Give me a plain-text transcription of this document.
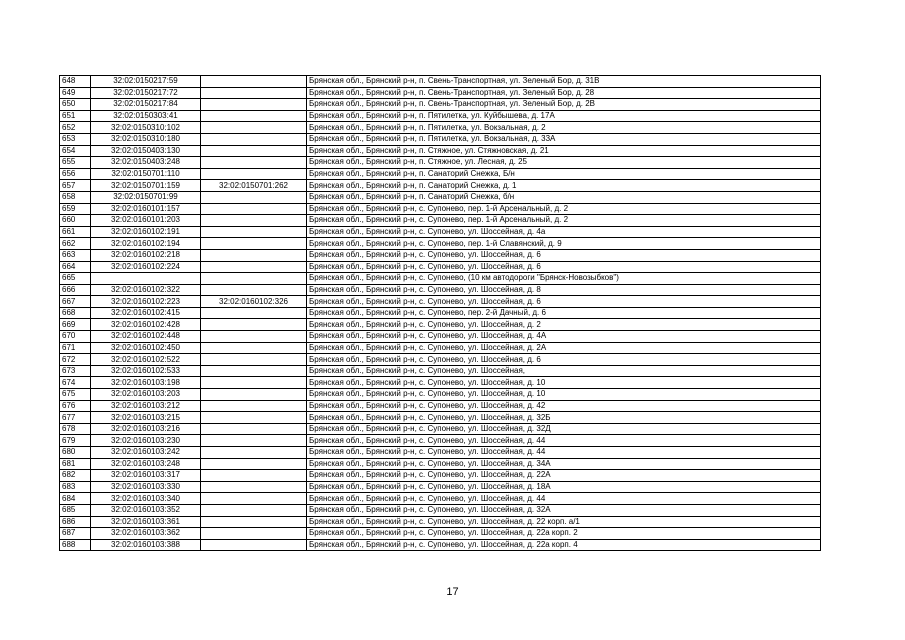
648	32:02:0150217:59		Брянская обл., Брянский р-н, п. Свень-Транспортная, ул. Зеленый Бор, д. 31В
649	32:02:0150217:72		Брянская обл., Брянский р-н, п. Свень-Транспортная, ул. Зеленый Бор, д. 28
650	32:02:0150217:84		Брянская обл., Брянский р-н, п. Свень-Транспортная, ул. Зеленый Бор, д. 2В
651	32:02:0150303:41		Брянская обл., Брянский р-н, п. Пятилетка, ул. Куйбышева, д. 17А
652	32:02:0150310:102		Брянская обл., Брянский р-н, п. Пятилетка, ул. Вокзальная, д. 2
653	32:02:0150310:180		Брянская обл., Брянский р-н, п. Пятилетка, ул. Вокзальная, д. 33А
654	32:02:0150403:130		Брянская обл., Брянский р-н, п. Стяжное, ул. Стяжновская, д. 21
655	32:02:0150403:248		Брянская обл., Брянский р-н, п. Стяжное, ул. Лесная, д. 25
656	32:02:0150701:110		Брянская обл., Брянский р-н, п. Санаторий Снежка, Б/н
657	32:02:0150701:159	32:02:0150701:262	Брянская обл., Брянский р-н, п. Санаторий Снежка, д. 1
658	32:02:0150701:99		Брянская обл., Брянский р-н, п. Санаторий Снежка, б/н
659	32:02:0160101:157		Брянская обл., Брянский р-н, с. Супонево, пер. 1-й Арсенальный, д. 2
660	32:02:0160101:203		Брянская обл., Брянский р-н, с. Супонево, пер. 1-й Арсенальный, д. 2
661	32:02:0160102:191		Брянская обл., Брянский р-н, с. Супонево, ул. Шоссейная, д. 4а
662	32:02:0160102:194		Брянская обл., Брянский р-н, с. Супонево, пер. 1-й Славянский, д. 9
663	32:02:0160102:218		Брянская обл., Брянский р-н, с. Супонево, ул. Шоссейная, д. 6
664	32:02:0160102:224		Брянская обл., Брянский р-н, с. Супонево, ул. Шоссейная, д. 6
665			Брянская обл., Брянский р-н, с. Супонево, (10 км автодороги "Брянск-Новозыбков")
666	32:02:0160102:322		Брянская обл., Брянский р-н, с. Супонево, ул. Шоссейная, д. 8
667	32:02:0160102:223	32:02:0160102:326	Брянская обл., Брянский р-н, с. Супонево, ул. Шоссейная, д. 6
668	32:02:0160102:415		Брянская обл., Брянский р-н, с. Супонево, пер. 2-й Дачный, д. 6
669	32:02:0160102:428		Брянская обл., Брянский р-н, с. Супонево, ул. Шоссейная, д. 2
670	32:02:0160102:448		Брянская обл., Брянский р-н, с. Супонево, ул. Шоссейная, д. 4А
671	32:02:0160102:450		Брянская обл., Брянский р-н, с. Супонево, ул. Шоссейная, д. 2А
672	32:02:0160102:522		Брянская обл., Брянский р-н, с. Супонево, ул. Шоссейная, д. 6
673	32:02:0160102:533		Брянская обл., Брянский р-н, с. Супонево, ул. Шоссейная,
674	32:02:0160103:198		Брянская обл., Брянский р-н, с. Супонево, ул. Шоссейная, д. 10
675	32:02:0160103:203		Брянская обл., Брянский р-н, с. Супонево, ул. Шоссейная, д. 10
676	32:02:0160103:212		Брянская обл., Брянский р-н, с. Супонево, ул. Шоссейная, д. 42
677	32:02:0160103:215		Брянская обл., Брянский р-н, с. Супонево, ул. Шоссейная, д. 32Б
678	32:02:0160103:216		Брянская обл., Брянский р-н, с. Супонево, ул. Шоссейная, д. 32Д
679	32:02:0160103:230		Брянская обл., Брянский р-н, с. Супонево, ул. Шоссейная, д. 44
680	32:02:0160103:242		Брянская обл., Брянский р-н, с. Супонево, ул. Шоссейная, д. 44
681	32:02:0160103:248		Брянская обл., Брянский р-н, с. Супонево, ул. Шоссейная, д. 34А
682	32:02:0160103:317		Брянская обл., Брянский р-н, с. Супонево, ул. Шоссейная, д. 22А
683	32:02:0160103:330		Брянская обл., Брянский р-н, с. Супонево, ул. Шоссейная, д. 18А
684	32:02:0160103:340		Брянская обл., Брянский р-н, с. Супонево, ул. Шоссейная, д. 44
685	32:02:0160103:352		Брянская обл., Брянский р-н, с. Супонево, ул. Шоссейная, д. 32А
686	32:02:0160103:361		Брянская обл., Брянский р-н, с. Супонево, ул. Шоссейная, д. 22 корп. а/1
687	32:02:0160103:362		Брянская обл., Брянский р-н, с. Супонево, ул. Шоссейная, д. 22а корп. 2
688	32:02:0160103:388		Брянская обл., Брянский р-н, с. Супонево, ул. Шоссейная, д. 22а корп. 4
17
